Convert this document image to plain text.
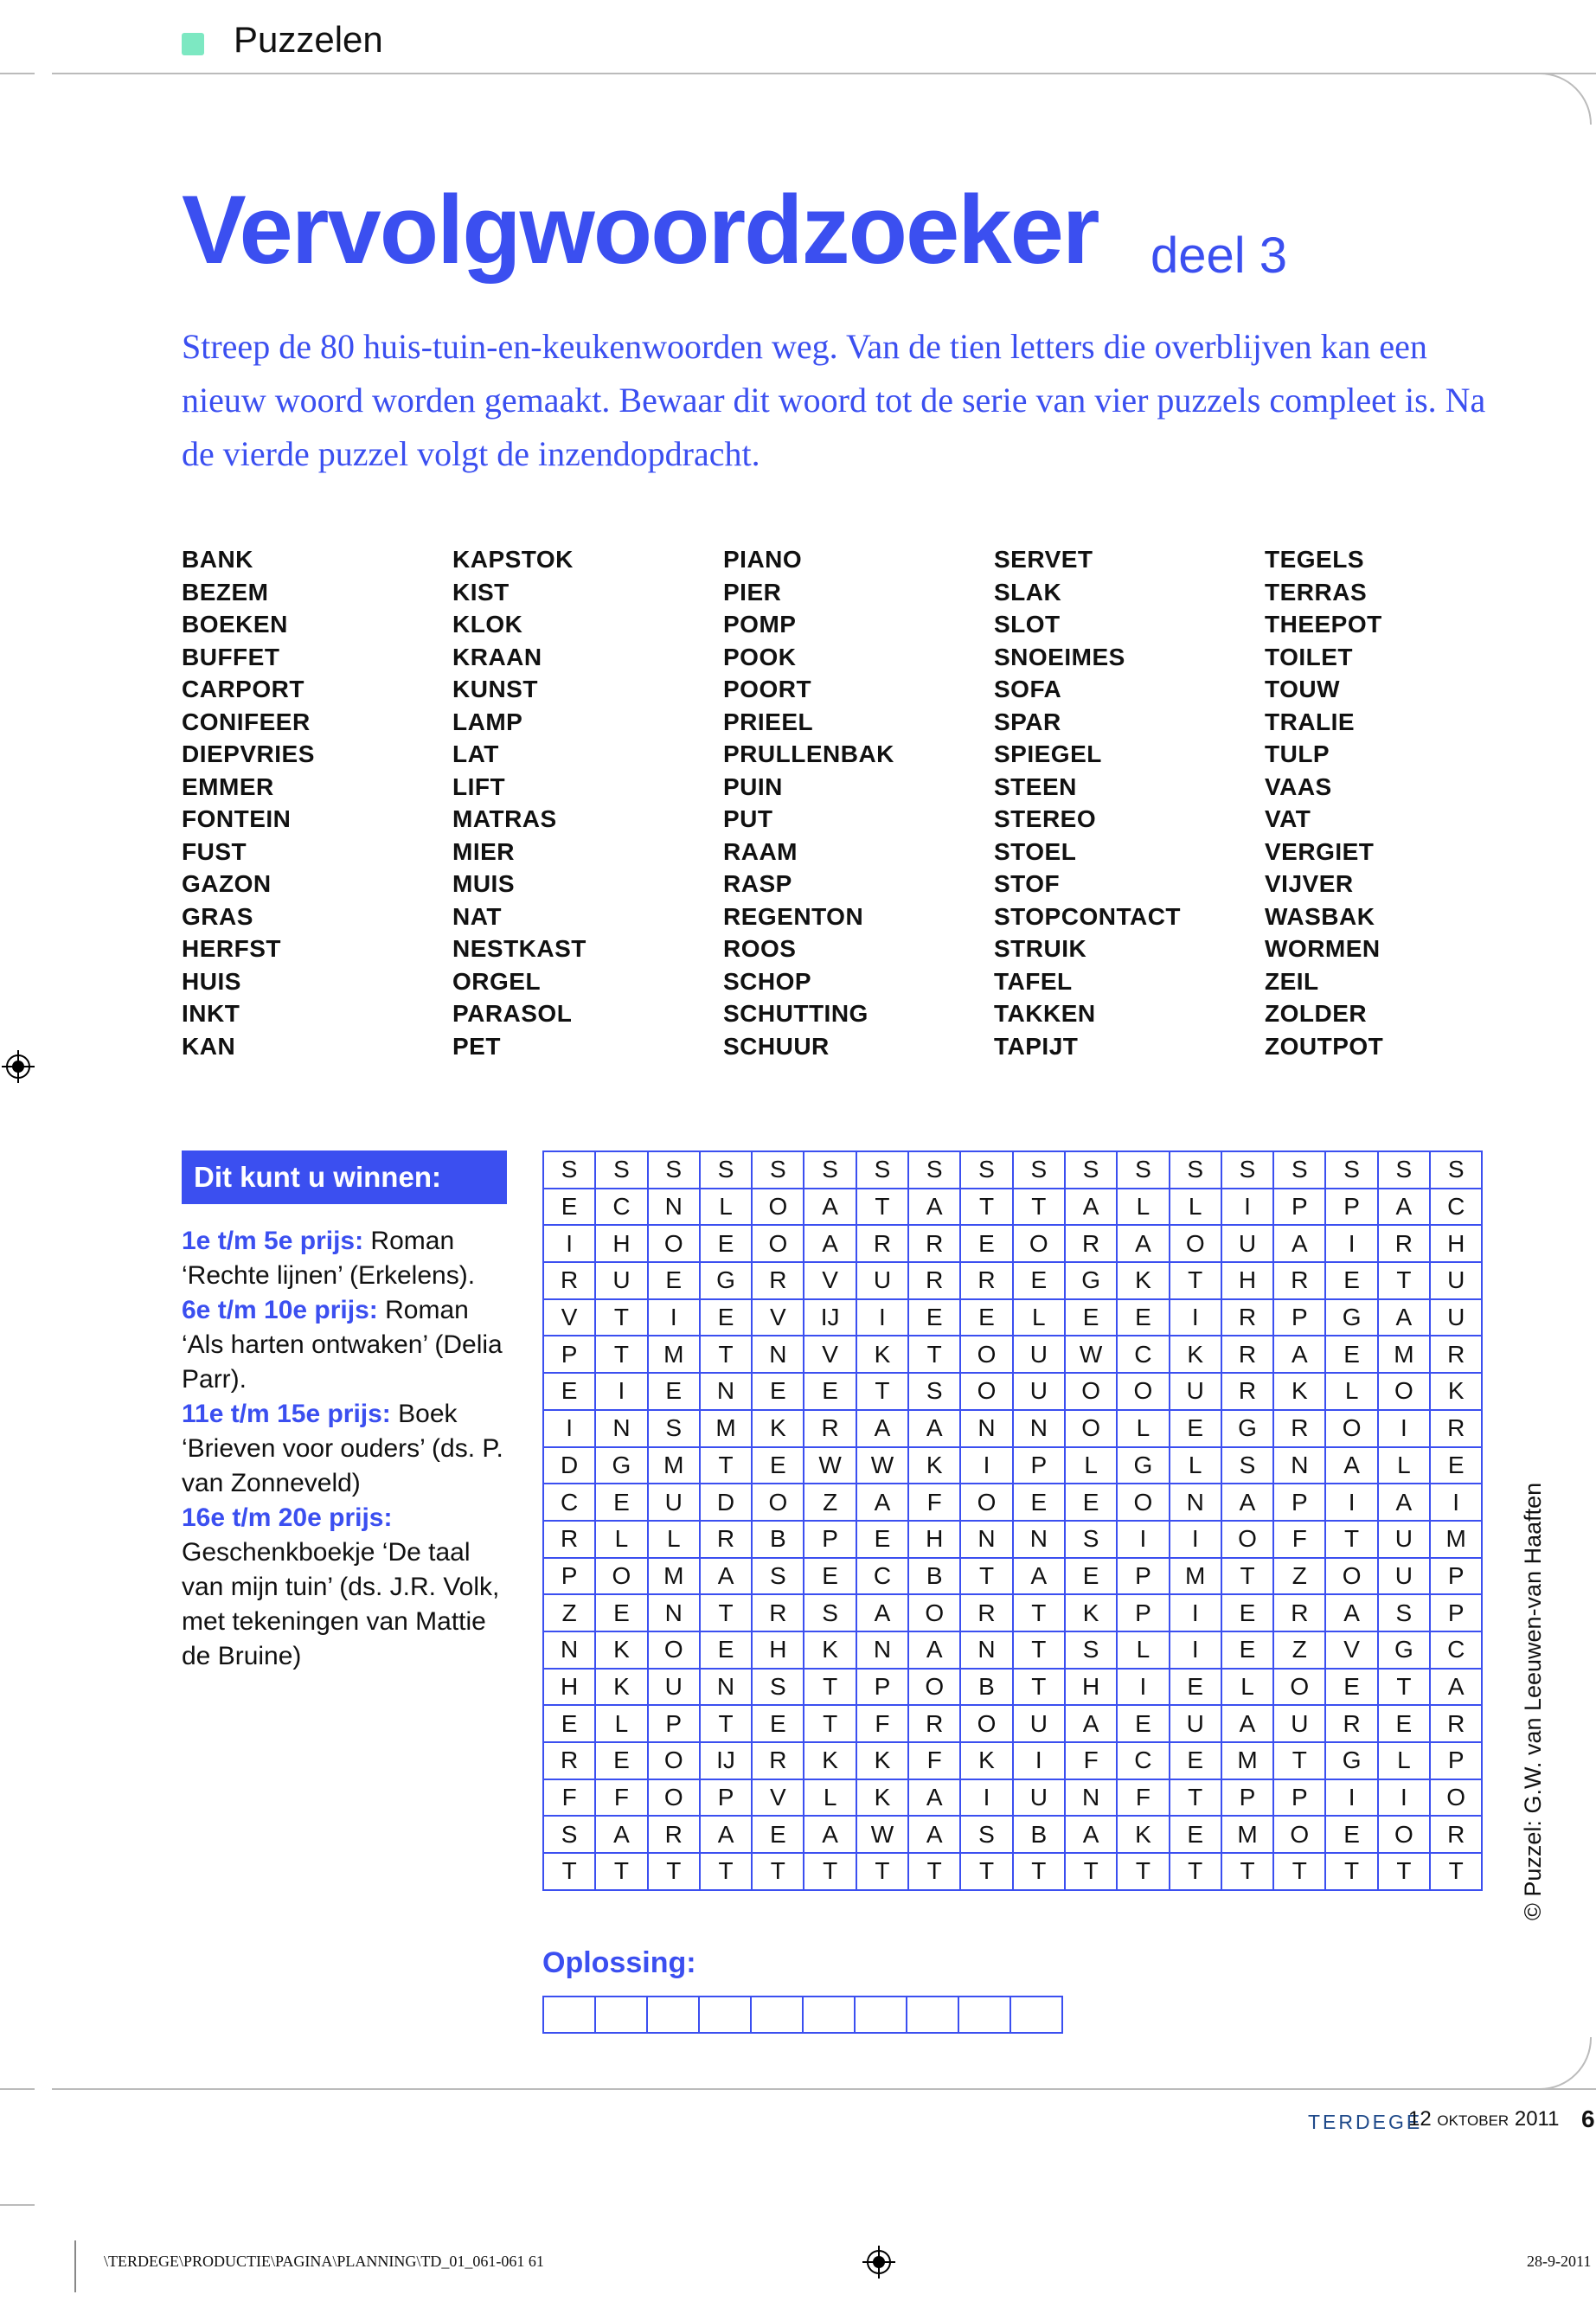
Puzzelen
Vervolgwoordzoeker deel 3
Streep de 80 huis-tuin-en-keukenwoorden weg. Van de tien letters die overblijven kan een nieuw woord worden gemaakt. Bewaar dit woord tot de serie van vier puzzels compleet is. Na de vierde puzzel volgt de inzendopdracht.
BANK
BEZEM
BOEKEN
BUFFET
CARPORT
CONIFEER
DIEPVRIES
EMMER
FONTEIN
FUST
GAZON
GRAS
HERFST
HUIS
INKT
KAN
KAPSTOK
KIST
KLOK
KRAAN
KUNST
LAMP
LAT
LIFT
MATRAS
MIER
MUIS
NAT
NESTKAST
ORGEL
PARASOL
PET
PIANO
PIER
POMP
POOK
POORT
PRIEEL
PRULLENBAK
PUIN
PUT
RAAM
RASP
REGENTON
ROOS
SCHOP
SCHUTTING
SCHUUR
SERVET
SLAK
SLOT
SNOEIMES
SOFA
SPAR
SPIEGEL
STEEN
STEREO
STOEL
STOF
STOPCONTACT
STRUIK
TAFEL
TAKKEN
TAPIJT
TEGELS
TERRAS
THEEPOT
TOILET
TOUW
TRALIE
TULP
VAAS
VAT
VERGIET
VIJVER
WASBAK
WORMEN
ZEIL
ZOLDER
ZOUTPOT
Dit kunt u winnen:
1e t/m 5e prijs: Roman ‘Rechte lijnen’ (Erkelens).
6e t/m 10e prijs: Roman ‘Als harten ontwaken’ (Delia Parr).
11e t/m 15e prijs: Boek ‘Brieven voor ouders’ (ds. P. van Zonneveld)
16e t/m 20e prijs: Geschenkboekje ‘De taal van mijn tuin’ (ds. J.R. Volk, met tekeningen van Mattie de Bruine)
S	S	S	S	S	S	S	S	S	S	S	S	S	S	S	S	S	S
E	C	N	L	O	A	T	A	T	T	A	L	L	I	P	P	A	C
I	H	O	E	O	A	R	R	E	O	R	A	O	U	A	I	R	H
R	U	E	G	R	V	U	R	R	E	G	K	T	H	R	E	T	U
V	T	I	E	V	IJ	I	E	E	L	E	E	I	R	P	G	A	U
P	T	M	T	N	V	K	T	O	U	W	C	K	R	A	E	M	R
E	I	E	N	E	E	T	S	O	U	O	O	U	R	K	L	O	K
I	N	S	M	K	R	A	A	N	N	O	L	E	G	R	O	I	R
D	G	M	T	E	W	W	K	I	P	L	G	L	S	N	A	L	E
C	E	U	D	O	Z	A	F	O	E	E	O	N	A	P	I	A	I
R	L	L	R	B	P	E	H	N	N	S	I	I	O	F	T	U	M
P	O	M	A	S	E	C	B	T	A	E	P	M	T	Z	O	U	P
Z	E	N	T	R	S	A	O	R	T	K	P	I	E	R	A	S	P
N	K	O	E	H	K	N	A	N	T	S	L	I	E	Z	V	G	C
H	K	U	N	S	T	P	O	B	T	H	I	E	L	O	E	T	A
E	L	P	T	E	T	F	R	O	U	A	E	U	A	U	R	E	R
R	E	O	IJ	R	K	K	F	K	I	F	C	E	M	T	G	L	P
F	F	O	P	V	L	K	A	I	U	N	F	T	P	P	I	I	O
S	A	R	A	E	A	W	A	S	B	A	K	E	M	O	E	O	R
T	T	T	T	T	T	T	T	T	T	T	T	T	T	T	T	T	T © Puzzel: G.W. van Leeuwen-van Haaften
Oplossing:
TERDEGE
12 oktober 2011 6
\TERDEGE\PRODUCTIE\PAGINA\PLANNING\TD_01_061-061 61	28-9-2011
